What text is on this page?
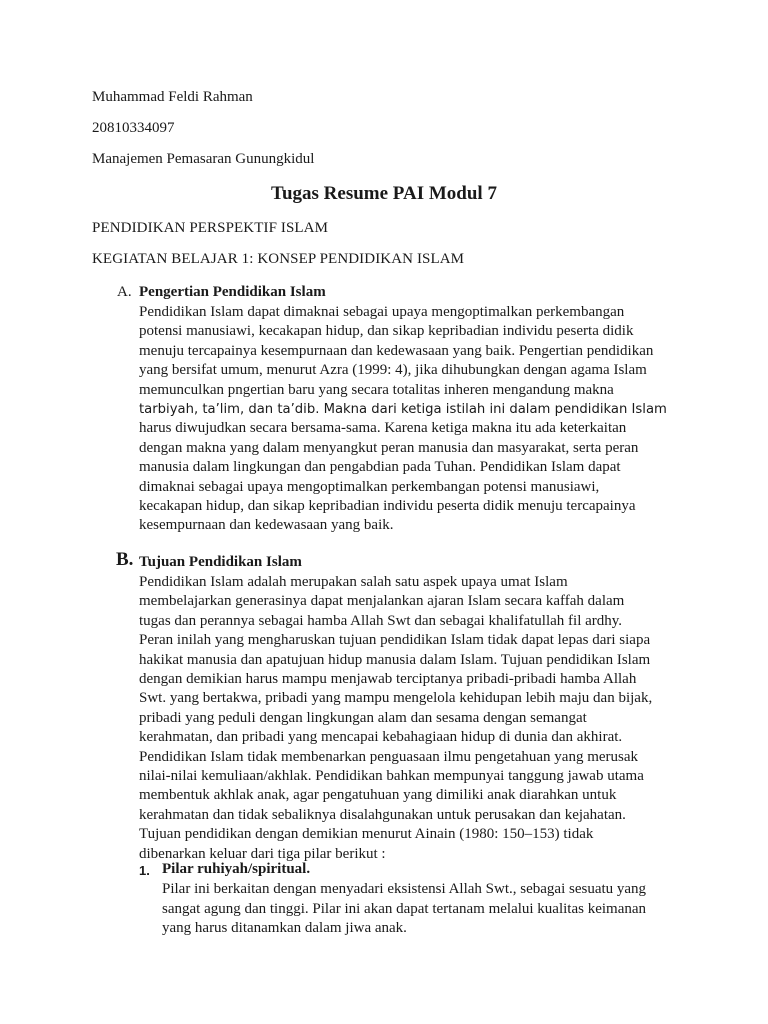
Muhammad Feldi Rahman
20810334097
Manajemen Pemasaran Gunungkidul
Tugas Resume PAI Modul 7
PENDIDIKAN PERSPEKTIF ISLAM
KEGIATAN BELAJAR 1: KONSEP PENDIDIKAN ISLAM
A. Pengertian Pendidikan Islam
Pendidikan Islam dapat dimaknai sebagai upaya mengoptimalkan perkembangan
potensi manusiawi, kecakapan hidup, dan sikap kepribadian individu peserta didik
menuju tercapainya kesempurnaan dan kedewasaan yang baik. Pengertian pendidikan
yang bersifat umum, menurut Azra (1999: 4), jika dihubungkan dengan agama Islam
memunculkan pngertian baru yang secara totalitas inheren mengandung makna
tarbiyah, ta’lim, dan ta’dib. Makna dari ketiga istilah ini dalam pendidikan Islam
harus diwujudkan secara bersama-sama. Karena ketiga makna itu ada keterkaitan
dengan makna yang dalam menyangkut peran manusia dan masyarakat, serta peran
manusia dalam lingkungan dan pengabdian pada Tuhan. Pendidikan Islam dapat
dimaknai sebagai upaya mengoptimalkan perkembangan potensi manusiawi,
kecakapan hidup, dan sikap kepribadian individu peserta didik menuju tercapainya
kesempurnaan dan kedewasaan yang baik.
B. Tujuan Pendidikan Islam
Pendidikan Islam adalah merupakan salah satu aspek upaya umat Islam
membelajarkan generasinya dapat menjalankan ajaran Islam secara kaffah dalam
tugas dan perannya sebagai hamba Allah Swt dan sebagai khalifatullah fil ardhy.
Peran inilah yang mengharuskan tujuan pendidikan Islam tidak dapat lepas dari siapa
hakikat manusia dan apatujuan hidup manusia dalam Islam. Tujuan pendidikan Islam
dengan demikian harus mampu menjawab terciptanya pribadi-pribadi hamba Allah
Swt. yang bertakwa, pribadi yang mampu mengelola kehidupan lebih maju dan bijak,
pribadi yang peduli dengan lingkungan alam dan sesama dengan semangat
kerahmatan, dan pribadi yang mencapai kebahagiaan hidup di dunia dan akhirat.
Pendidikan Islam tidak membenarkan penguasaan ilmu pengetahuan yang merusak
nilai-nilai kemuliaan/akhlak. Pendidikan bahkan mempunyai tanggung jawab utama
membentuk akhlak anak, agar pengatuhuan yang dimiliki anak diarahkan untuk
kerahmatan dan tidak sebaliknya disalahgunakan untuk perusakan dan kejahatan.
Tujuan pendidikan dengan demikian menurut Ainain (1980: 150–153) tidak
dibenarkan keluar dari tiga pilar berikut :
1. Pilar ruhiyah/spiritual.
Pilar ini berkaitan dengan menyadari eksistensi Allah Swt., sebagai sesuatu yang
sangat agung dan tinggi. Pilar ini akan dapat tertanam melalui kualitas keimanan
yang harus ditanamkan dalam jiwa anak.
